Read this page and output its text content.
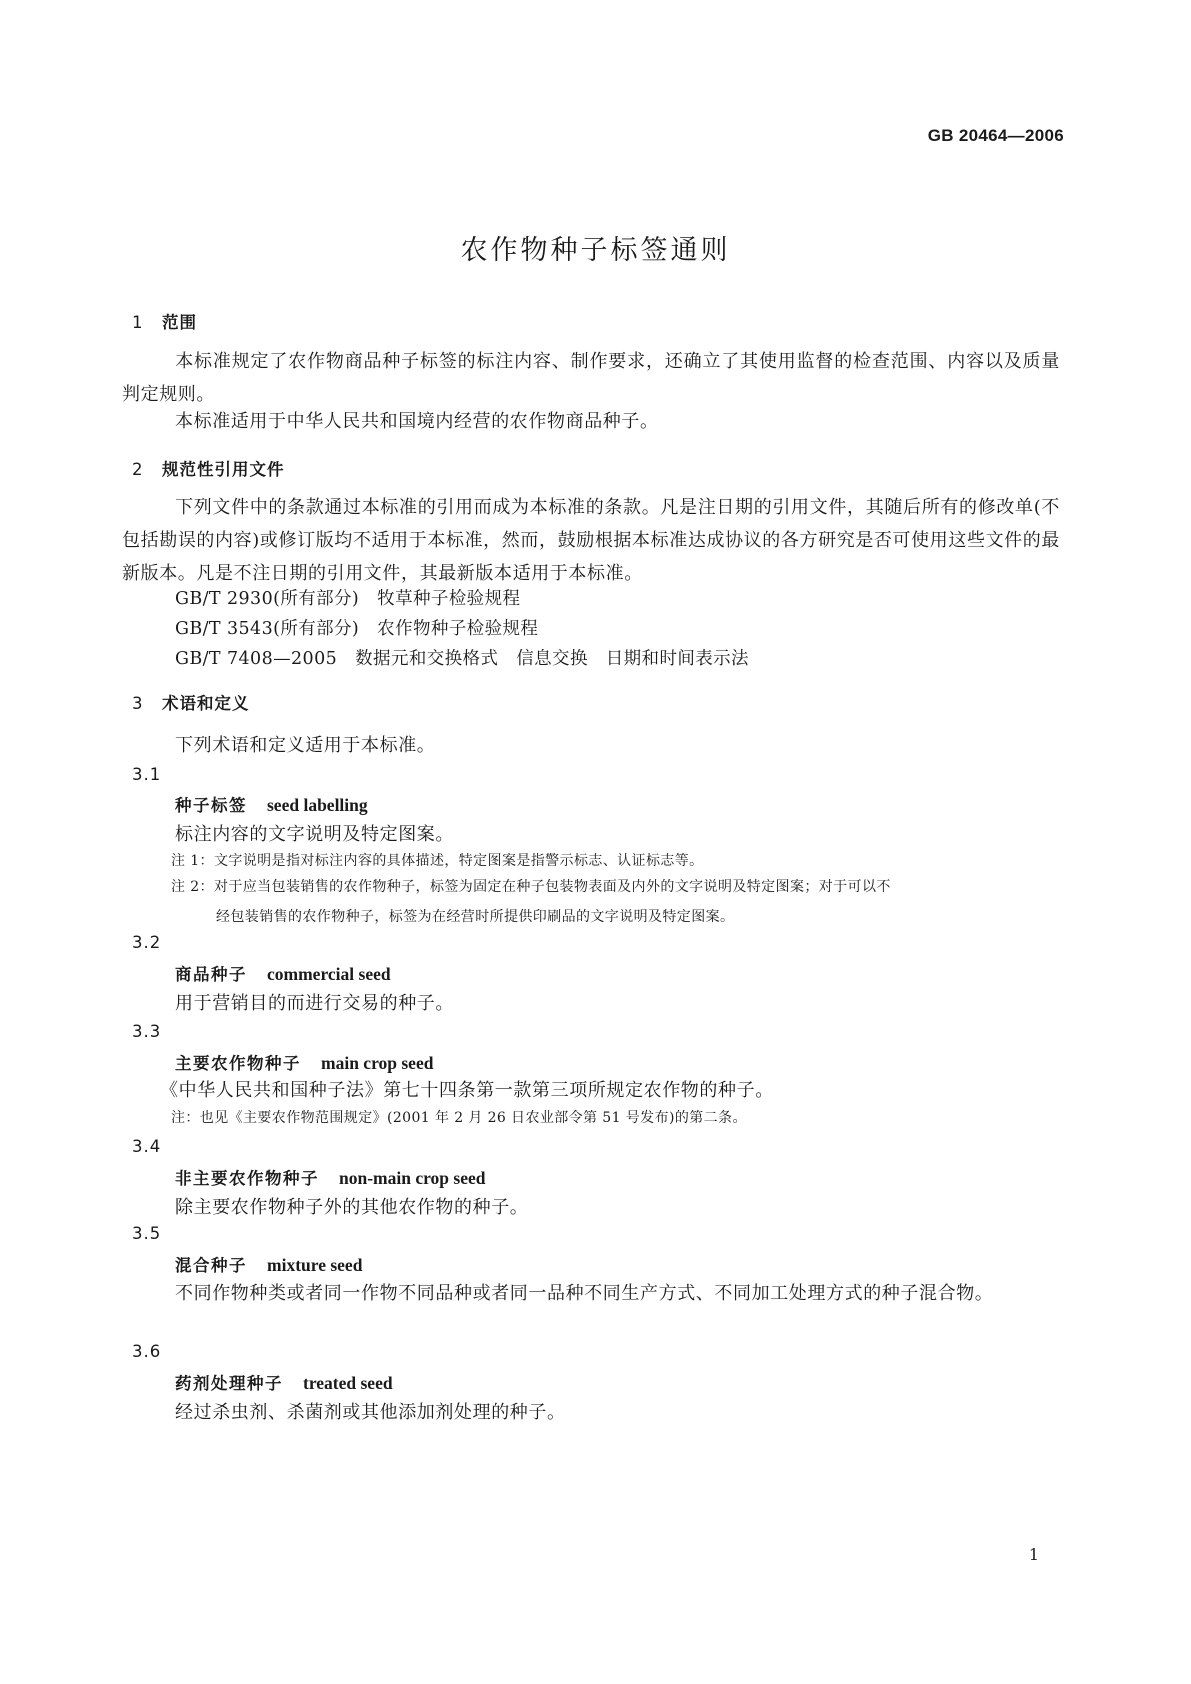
GB 20464—2006
农作物种子标签通则
1 范围
本标准规定了农作物商品种子标签的标注内容、制作要求，还确立了其使用监督的检查范围、内容以及质量判定规则。
本标准适用于中华人民共和国境内经营的农作物商品种子。
2 规范性引用文件
下列文件中的条款通过本标准的引用而成为本标准的条款。凡是注日期的引用文件，其随后所有的修改单(不包括勘误的内容)或修订版均不适用于本标准，然而，鼓励根据本标准达成协议的各方研究是否可使用这些文件的最新版本。凡是不注日期的引用文件，其最新版本适用于本标准。
GB/T 2930(所有部分) 牧草种子检验规程
GB/T 3543(所有部分) 农作物种子检验规程
GB/T 7408—2005 数据元和交换格式　信息交换　日期和时间表示法
3 术语和定义
下列术语和定义适用于本标准。
3.1
种子标签 seed labelling
标注内容的文字说明及特定图案。
注 1：文字说明是指对标注内容的具体描述，特定图案是指警示标志、认证标志等。
注 2：对于应当包装销售的农作物种子，标签为固定在种子包装物表面及内外的文字说明及特定图案；对于可以不
经包装销售的农作物种子，标签为在经营时所提供印刷品的文字说明及特定图案。
3.2
商品种子 commercial seed
用于营销目的而进行交易的种子。
3.3
主要农作物种子 main crop seed
《中华人民共和国种子法》第七十四条第一款第三项所规定农作物的种子。
注：也见《主要农作物范围规定》(2001 年 2 月 26 日农业部令第 51 号发布)的第二条。
3.4
非主要农作物种子 non-main crop seed
除主要农作物种子外的其他农作物的种子。
3.5
混合种子 mixture seed
不同作物种类或者同一作物不同品种或者同一品种不同生产方式、不同加工处理方式的种子混合物。
3.6
药剂处理种子 treated seed
经过杀虫剂、杀菌剂或其他添加剂处理的种子。
1
